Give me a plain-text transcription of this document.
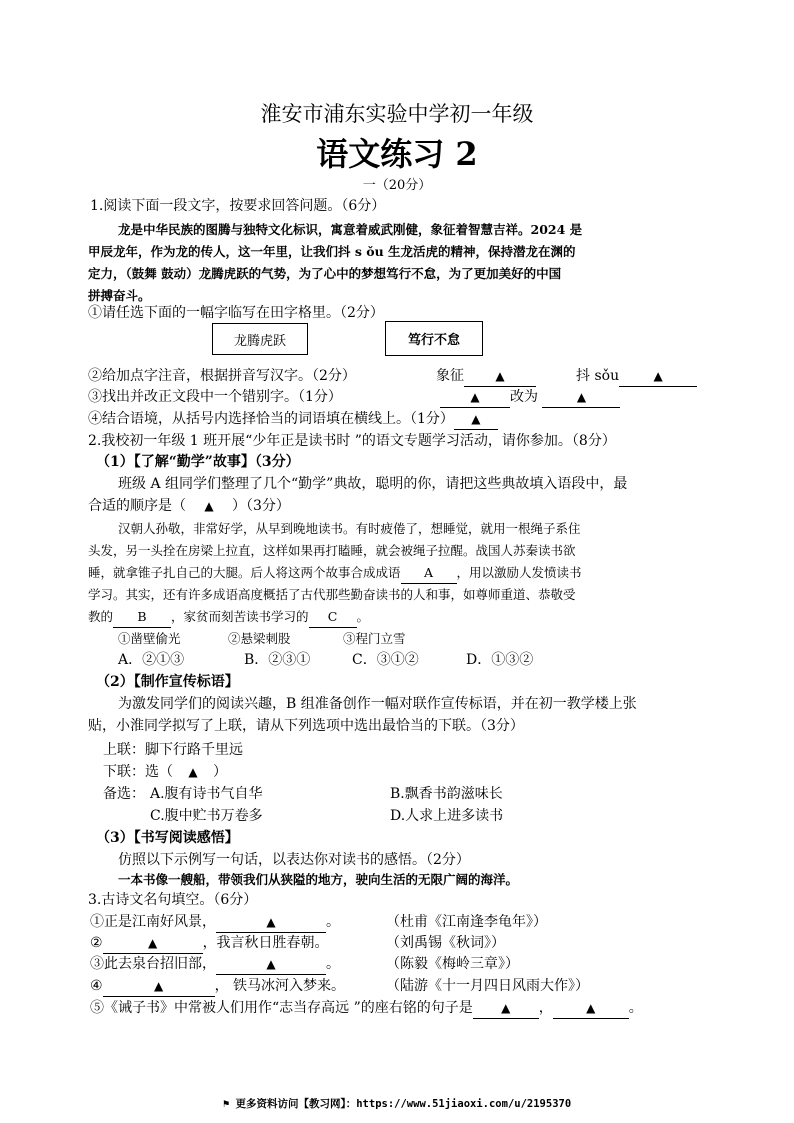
淮安市浦东实验中学初一年级
语文练习 2
一（20分）
1.阅读下面一段文字，按要求回答问题。（6分）
龙是中华民族的图腾与独特文化标识，寓意着威武刚健，象征着智慧吉祥。2024 是
甲辰龙年，作为龙的传人，这一年里，让我们抖 s ǒu 生龙活虎的精神，保持潜龙在渊的
定力，（鼓舞 鼓动）龙腾虎跃的气势，为了心中的梦想笃行不怠，为了更加美好的中国
拼搏奋斗。
①请任选下面的一幅字临写在田字格里。（2分）
龙腾虎跃	笃行不怠
②给加点字注音，根据拼音写汉字。（2分）	象征	▲	抖 sǒu	▲
③找出并改正文段中一个错别字。（1分）	▲ 改为	▲
④结合语境，从括号内选择恰当的词语填在横线上。（1分） ▲
2.我校初一年级 1 班开展“少年正是读书时 ”的语文专题学习活动，请你参加。（8分）
（1）【了解“勤学”故事】（3分）
班级 A 组同学们整理了几个“勤学”典故，聪明的你，请把这些典故填入语段中，最
合适的顺序是（ ▲ ）（3分）
汉朝人孙敬，非常好学，从早到晚地读书。有时疲倦了，想睡觉，就用一根绳子系住
头发，另一头拴在房梁上拉直，这样如果再打瞌睡，就会被绳子拉醒。战国人苏秦读书欲
睡，就拿锥子扎自己的大腿。后人将这两个故事合成成语 A ，用以激励人发愤读书
学习。其实，还有许多成语高度概括了古代那些勤奋读书的人和事，如尊师重道、恭敬受
教的 B ，家贫而刻苦读书学习的 C 。
①凿壁偷光	②悬梁刺股	③程门立雪
A．②①③	B．②③①	C．③①②	D．①③②
（2）【制作宣传标语】
为激发同学们的阅读兴趣，B 组准备创作一幅对联作宣传标语，并在初一教学楼上张
贴，小淮同学拟写了上联，请从下列选项中选出最恰当的下联。（3分）
上联：脚下行路千里远
下联：选（ ▲ ）
备选： A.腹有诗书气自华	B.飘香书韵滋味长
C.腹中贮书万卷多	D.人求上进多读书
（3）【书写阅读感悟】
仿照以下示例写一句话，以表达你对读书的感悟。（2分）
一本书像一艘船，带领我们从狭隘的地方，驶向生活的无限广阔的海洋。
3.古诗文名句填空。（6分）
①正是江南好风景，	▲	。	（杜甫《江南逢李龟年》）
②	▲	，我言秋日胜春朝。	（刘禹锡《秋词》）
③此去泉台招旧部，	▲	。	（陈毅《梅岭三章》）
④	▲	， 铁马冰河入梦来。	（陆游《十一月四日风雨大作》）
⑤《诫子书》中常被人们用作“志当存高远 ”的座右铭的句子是 ▲ ，	▲ 。
⚑ 更多资料访问【教习网】：https://www.51jiaoxi.com/u/2195370
